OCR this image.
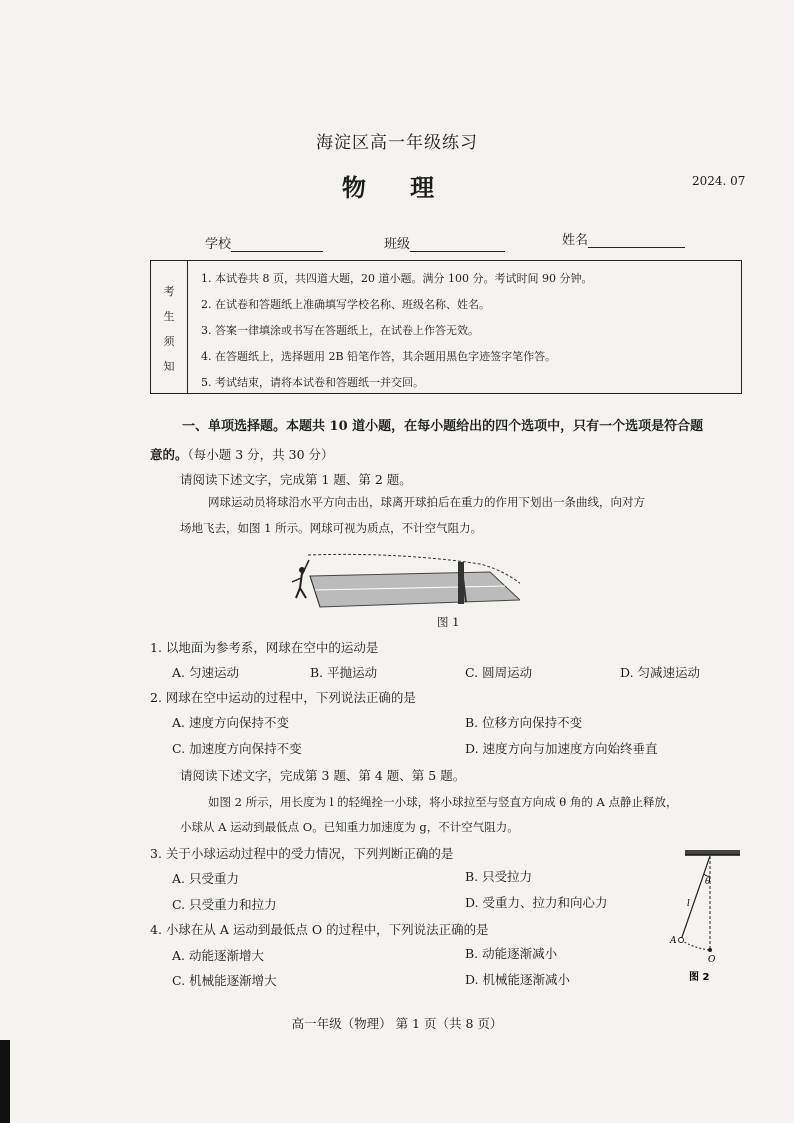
海淀区高一年级练习
物 理	2024. 07
学校	班级	姓名
考
生
须
知
1. 本试卷共 8 页，共四道大题，20 道小题。满分 100 分。考试时间 90 分钟。
2. 在试卷和答题纸上准确填写学校名称、班级名称、姓名。
3. 答案一律填涂或书写在答题纸上，在试卷上作答无效。
4. 在答题纸上，选择题用 2B 铅笔作答，其余题用黑色字迹签字笔作答。
5. 考试结束，请将本试卷和答题纸一并交回。
一、单项选择题。本题共 10 道小题，在每小题给出的四个选项中，只有一个选项是符合题
意的。（每小题 3 分，共 30 分）
请阅读下述文字，完成第 1 题、第 2 题。
网球运动员将球沿水平方向击出，球离开球拍后在重力的作用下划出一条曲线，向对方
场地飞去，如图 1 所示。网球可视为质点，不计空气阻力。
图 1
1. 以地面为参考系，网球在空中的运动是
A. 匀速运动	B. 平抛运动	C. 圆周运动	D. 匀减速运动
2. 网球在空中运动的过程中，下列说法正确的是
A. 速度方向保持不变	B. 位移方向保持不变
C. 加速度方向保持不变	D. 速度方向与加速度方向始终垂直
请阅读下述文字，完成第 3 题、第 4 题、第 5 题。
如图 2 所示，用长度为 l 的轻绳拴一小球，将小球拉至与竖直方向成 θ 角的 A 点静止释放，
小球从 A 运动到最低点 O。已知重力加速度为 g，不计空气阻力。
3. 关于小球运动过程中的受力情况，下列判断正确的是
A. 只受重力	B. 只受拉力
C. 只受重力和拉力	D. 受重力、拉力和向心力
4. 小球在从 A 运动到最低点 O 的过程中，下列说法正确的是
A. 动能逐渐增大	B. 动能逐渐减小
C. 机械能逐渐增大	D. 机械能逐渐减小
θ
l
A
O
图 2
高一年级（物理） 第 1 页（共 8 页）
